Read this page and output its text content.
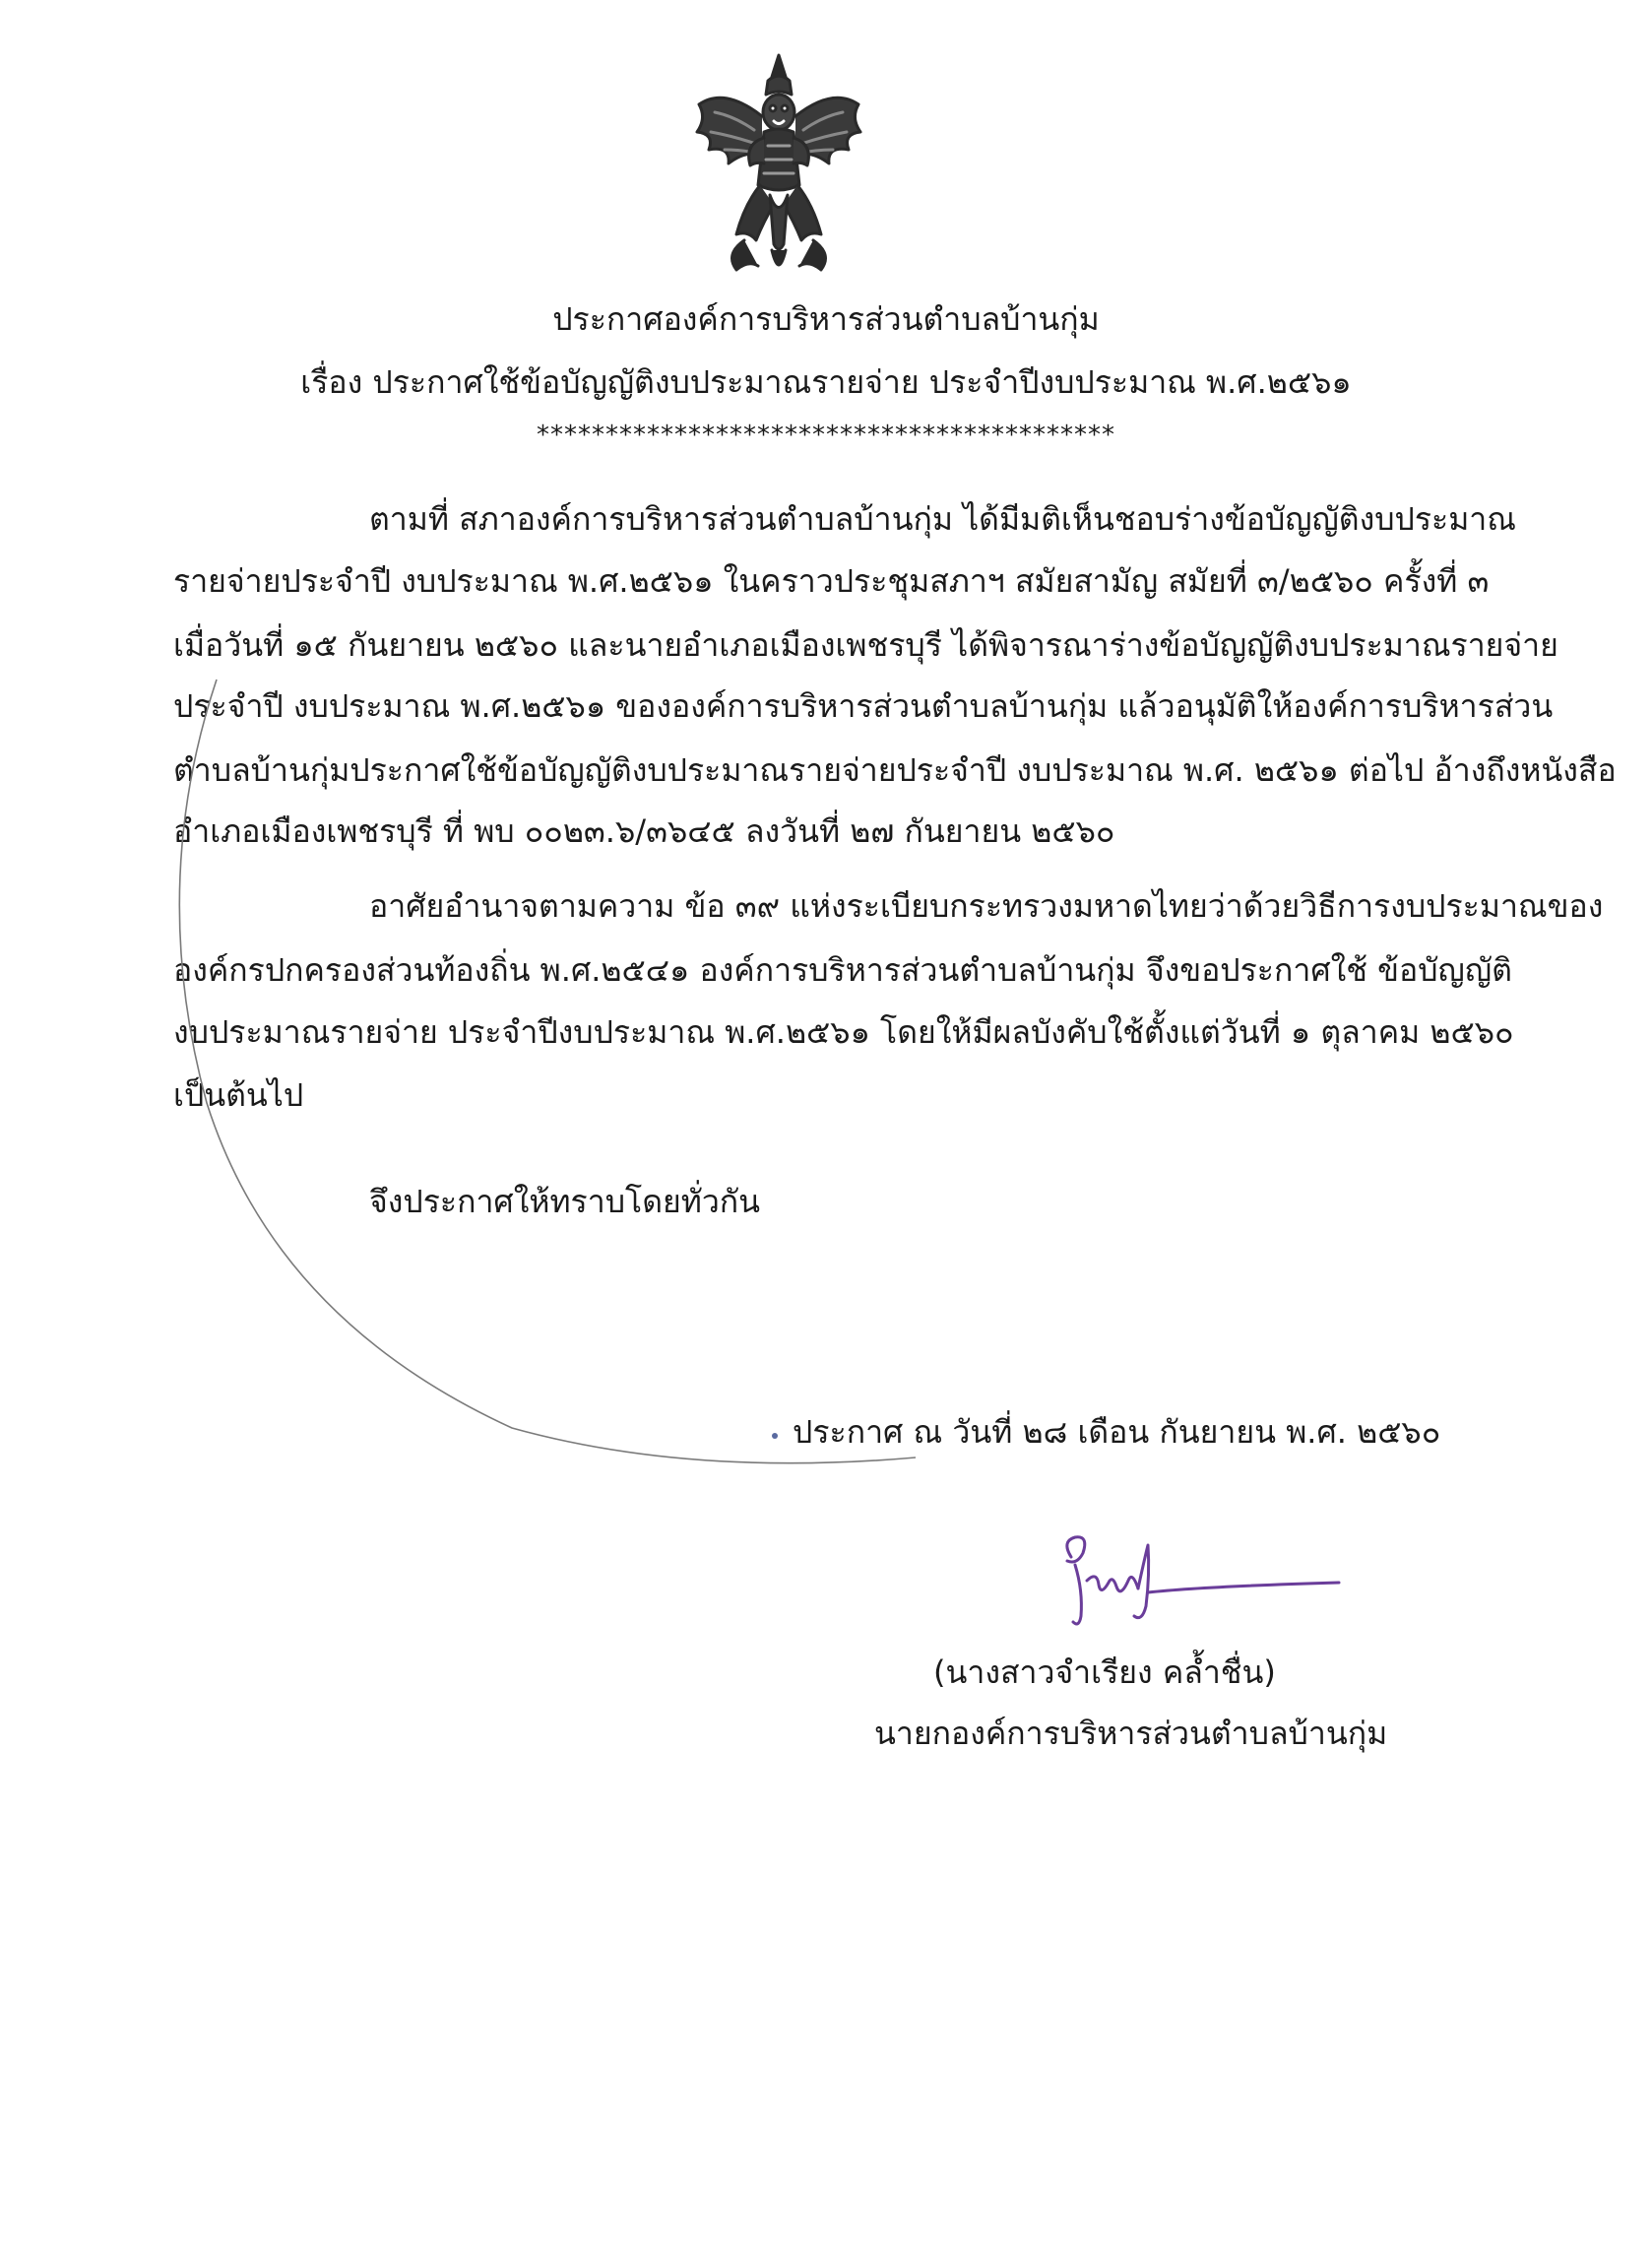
ประกาศองค์การบริหารส่วนตำบลบ้านกุ่ม
เรื่อง ประกาศใช้ข้อบัญญัติงบประมาณรายจ่าย ประจำปีงบประมาณ พ.ศ.๒๕๖๑
******************************************
ตามที่ สภาองค์การบริหารส่วนตำบลบ้านกุ่ม ได้มีมติเห็นชอบร่างข้อบัญญัติงบประมาณ
รายจ่ายประจำปี งบประมาณ พ.ศ.๒๕๖๑ ในคราวประชุมสภาฯ สมัยสามัญ สมัยที่ ๓/๒๕๖๐ ครั้งที่ ๓
เมื่อวันที่ ๑๕ กันยายน ๒๕๖๐ และนายอำเภอเมืองเพชรบุรี ได้พิจารณาร่างข้อบัญญัติงบประมาณรายจ่าย
ประจำปี งบประมาณ พ.ศ.๒๕๖๑ ขององค์การบริหารส่วนตำบลบ้านกุ่ม แล้วอนุมัติให้องค์การบริหารส่วน
ตำบลบ้านกุ่มประกาศใช้ข้อบัญญัติงบประมาณรายจ่ายประจำปี งบประมาณ พ.ศ. ๒๕๖๑ ต่อไป อ้างถึงหนังสือ
อำเภอเมืองเพชรบุรี ที่ พบ ๐๐๒๓.๖/๓๖๔๕ ลงวันที่ ๒๗ กันยายน ๒๕๖๐
อาศัยอำนาจตามความ ข้อ ๓๙ แห่งระเบียบกระทรวงมหาดไทยว่าด้วยวิธีการงบประมาณของ
องค์กรปกครองส่วนท้องถิ่น พ.ศ.๒๕๔๑ องค์การบริหารส่วนตำบลบ้านกุ่ม จึงขอประกาศใช้ ข้อบัญญัติ
งบประมาณรายจ่าย ประจำปีงบประมาณ พ.ศ.๒๕๖๑ โดยให้มีผลบังคับใช้ตั้งแต่วันที่ ๑ ตุลาคม ๒๕๖๐
เป็นต้นไป
จึงประกาศให้ทราบโดยทั่วกัน
ประกาศ ณ วันที่ ๒๘ เดือน กันยายน พ.ศ. ๒๕๖๐
(นางสาวจำเรียง คล้ำชื่น)
นายกองค์การบริหารส่วนตำบลบ้านกุ่ม
